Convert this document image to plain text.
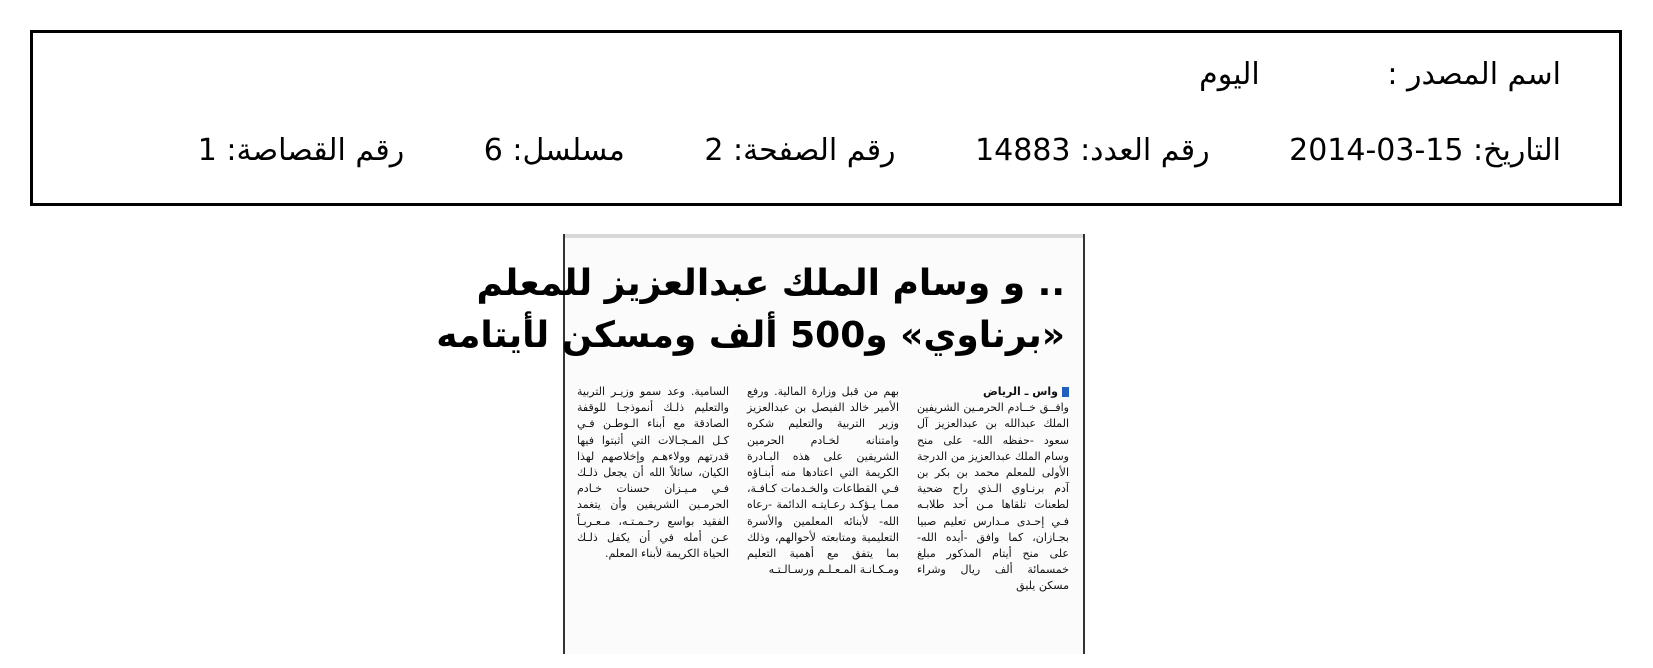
اسم المصدر : اليوم
التاريخ: 2014-03-15 رقم العدد: 14883 رقم الصفحة: 2 مسلسل: 6 رقم القصاصة: 1
.. و وسام الملك عبدالعزيز للمعلم
«برناوي» و500 ألف ومسكن لأيتامه
واس ـ الرياض
وافــق خــادم الحرمـين الشريفين الملك عبدالله بن عبدالعزيز آل سعود -حفظه الله- على منح وسام الملك عبدالعزيز من الدرجة الأولى للمعلم محمد بن بكر بن آدم برنـاوي الـذي راح ضحية لطعنات تلقاها مـن أحد طلابـه فـي إحـدى مـدارس تعليم صبيا بجـازان، كما وافق -أيده الله- على منح أيتام المذكور مبلغ خمسمائة ألف ريال وشراء مسكن يليق
بهم من قبل وزارة المالية. ورفع الأمير خالد الفيصل بن عبدالعزيز وزير التربية والتعليم شكره وامتنانه لخـادم الحرمين الشريفين على هذه البـادرة الكريمة التي اعتادها منه أبنـاؤه فـي القطاعات والخـدمات كـافـة، ممـا يـؤكـد رعـايتـه الدائمة -رعاه الله- لأبنائه المعلمين والأسرة التعليمية ومتابعته لأحوالهم، وذلك بما يتفق مع أهمية التعليم ومـكـانـة المـعـلـم ورسـالـتـه
السامية. وعد سمو وزيـر التربية والتعليم ذلـك أنموذجـا للوقفة الصادقة مع أبناء الـوطـن فـي كـل المـجـالات التي أثبتوا فيها قدرتهم وولاءهـم وإخلاصهم لهذا الكيان، سائلاً الله أن يجعل ذلـك فـي مـيـزان حسنات خـادم الحرمـين الشريفين وأن يتغمد الفقيد بواسع رحـمـتـه، مـعـربـاً عـن أمله في أن يكفل ذلـك الحياة الكريمة لأبناء المعلم.
